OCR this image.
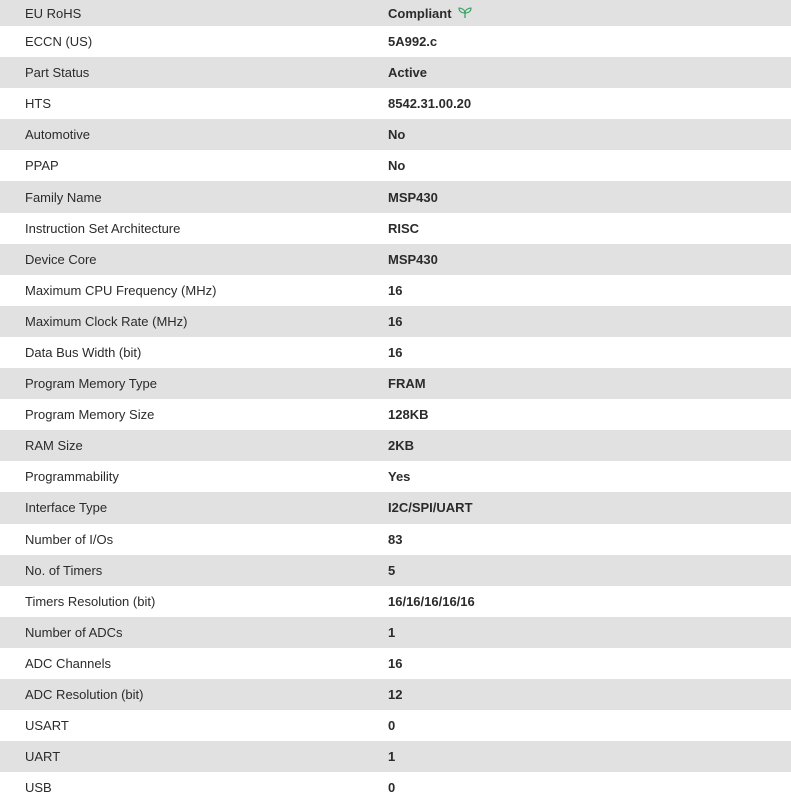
EU RoHS	Compliant
ECCN (US)	5A992.c
Part Status	Active
HTS	8542.31.00.20
Automotive	No
PPAP	No
Family Name	MSP430
Instruction Set Architecture	RISC
Device Core	MSP430
Maximum CPU Frequency (MHz)	16
Maximum Clock Rate (MHz)	16
Data Bus Width (bit)	16
Program Memory Type	FRAM
Program Memory Size	128KB
RAM Size	2KB
Programmability	Yes
Interface Type	I2C/SPI/UART
Number of I/Os	83
No. of Timers	5
Timers Resolution (bit)	16/16/16/16/16
Number of ADCs	1
ADC Channels	16
ADC Resolution (bit)	12
USART	0
UART	1
USB	0
